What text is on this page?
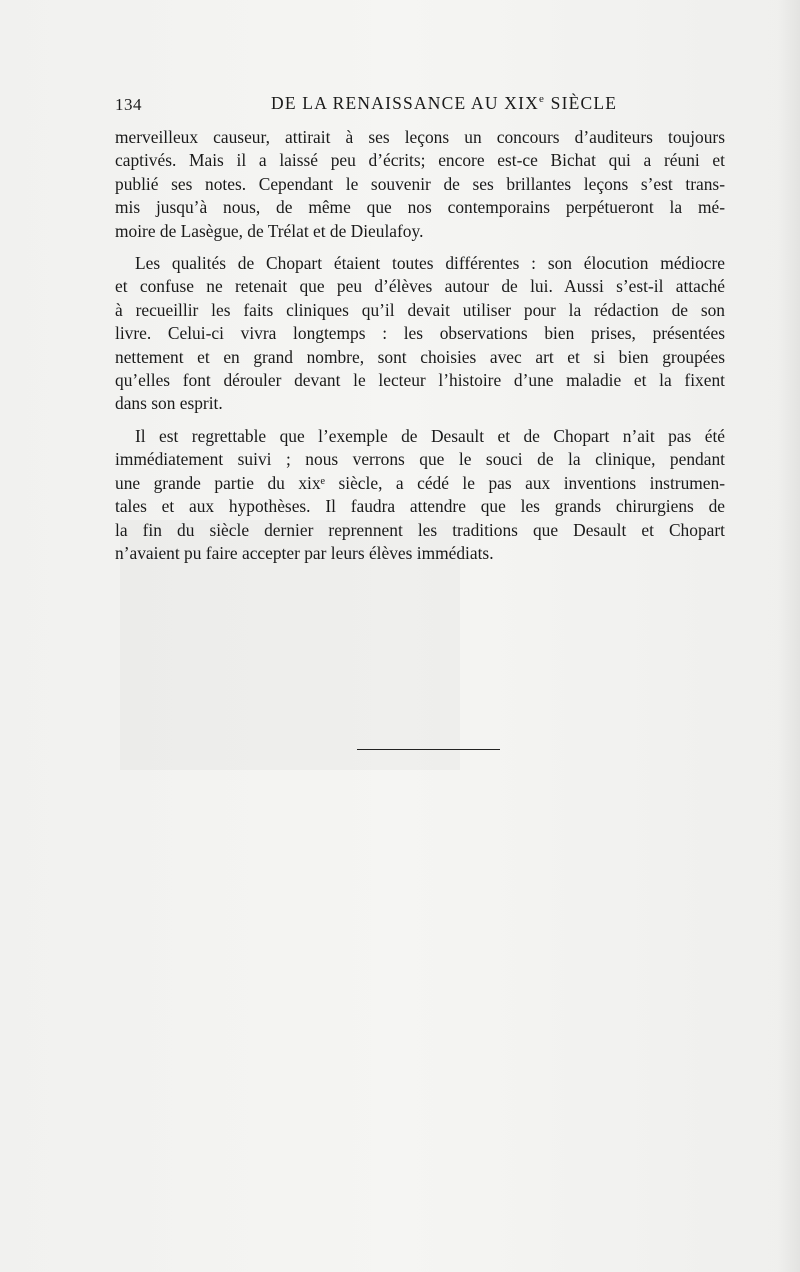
134	DE LA RENAISSANCE AU XIXe SIÈCLE
merveilleux causeur, attirait à ses leçons un concours d’auditeurs toujours
captivés. Mais il a laissé peu d’écrits; encore est-ce Bichat qui a réuni et
publié ses notes. Cependant le souvenir de ses brillantes leçons s’est trans-
mis jusqu’à nous, de même que nos contemporains perpétueront la mé-
moire de Lasègue, de Trélat et de Dieulafoy.
Les qualités de Chopart étaient toutes différentes : son élocution médiocre
et confuse ne retenait que peu d’élèves autour de lui. Aussi s’est-il attaché
à recueillir les faits cliniques qu’il devait utiliser pour la rédaction de son
livre. Celui-ci vivra longtemps : les observations bien prises, présentées
nettement et en grand nombre, sont choisies avec art et si bien groupées
qu’elles font dérouler devant le lecteur l’histoire d’une maladie et la fixent
dans son esprit.
Il est regrettable que l’exemple de Desault et de Chopart n’ait pas été
immédiatement suivi ; nous verrons que le souci de la clinique, pendant
une grande partie du xixᵉ siècle, a cédé le pas aux inventions instrumen-
tales et aux hypothèses. Il faudra attendre que les grands chirurgiens de
la fin du siècle dernier reprennent les traditions que Desault et Chopart
n’avaient pu faire accepter par leurs élèves immédiats.
